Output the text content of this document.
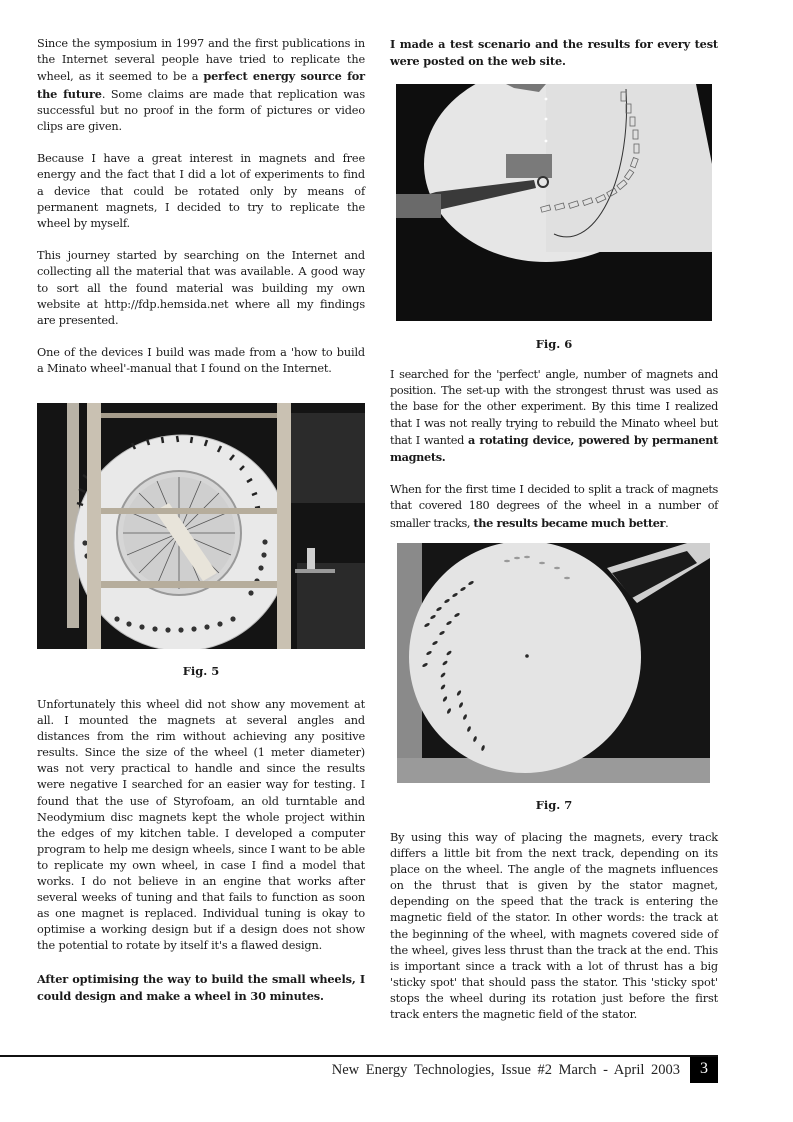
Since the symposium in 1997 and the first publications in the Internet several people have tried to replicate the wheel, as it seemed to be a perfect energy source for the future. Some claims are made that replication was successful but no proof in the form of pictures or video clips are given.

Because I have a great interest in magnets and free energy and the fact that I did a lot of experiments to find a device that could be rotated only by means of permanent magnets, I decided to try to replicate the wheel by myself.

This journey started by searching on the Internet and collecting all the material that was available. A good way to sort all the found material was building my own website at http://fdp.hemsida.net where all my findings are presented.

One of the devices I build was made from a 'how to build a Minato wheel'-manual that I found on the Internet.

Fig. 5

Unfortunately this wheel did not show any movement at all. I mounted the magnets at several angles and distances from the rim without achieving any positive results. Since the size of the wheel (1 meter diameter) was not very practical to handle and since the results were negative I searched for an easier way for testing. I found that the use of Styrofoam, an old turntable and Neodymium disc magnets kept the whole project within the edges of my kitchen table. I developed a computer program to help me design wheels, since I want to be able to replicate my own wheel, in case I find a model that works. I do not believe in an engine that works after several weeks of tuning and that fails to function as soon as one magnet is replaced. Individual tuning is okay to optimise a working design but if a design does not show the potential to rotate by itself it's a flawed design.

After optimising the way to build the small wheels, I could design and make a wheel in 30 minutes.

I made a test scenario and the results for every test were posted on the web site.

Fig. 6

I searched for the 'perfect' angle, number of magnets and position. The set-up with the strongest thrust was used as the base for the other experiment. By this time I realized that I was not really trying to rebuild the Minato wheel but that I wanted a rotating device, powered by permanent magnets.

When for the first time I decided to split a track of magnets that covered 180 degrees of the wheel in a number of smaller tracks, the results became much better.

Fig. 7

By using this way of placing the magnets, every track differs a little bit from the next track, depending on its place on the wheel. The angle of the magnets influences on the thrust that is given by the stator magnet, depending on the speed that the track is entering the magnetic field of the stator. In other words: the track at the beginning of the wheel, with magnets covered side of the wheel, gives less thrust than the track at the end. This is important since a track with a lot of thrust has a big 'sticky spot' that should pass the stator. This 'sticky spot' stops the wheel during its rotation just before the first track enters the magnetic field of the stator.

New Energy Technologies, Issue #2 March - April 2003	3
